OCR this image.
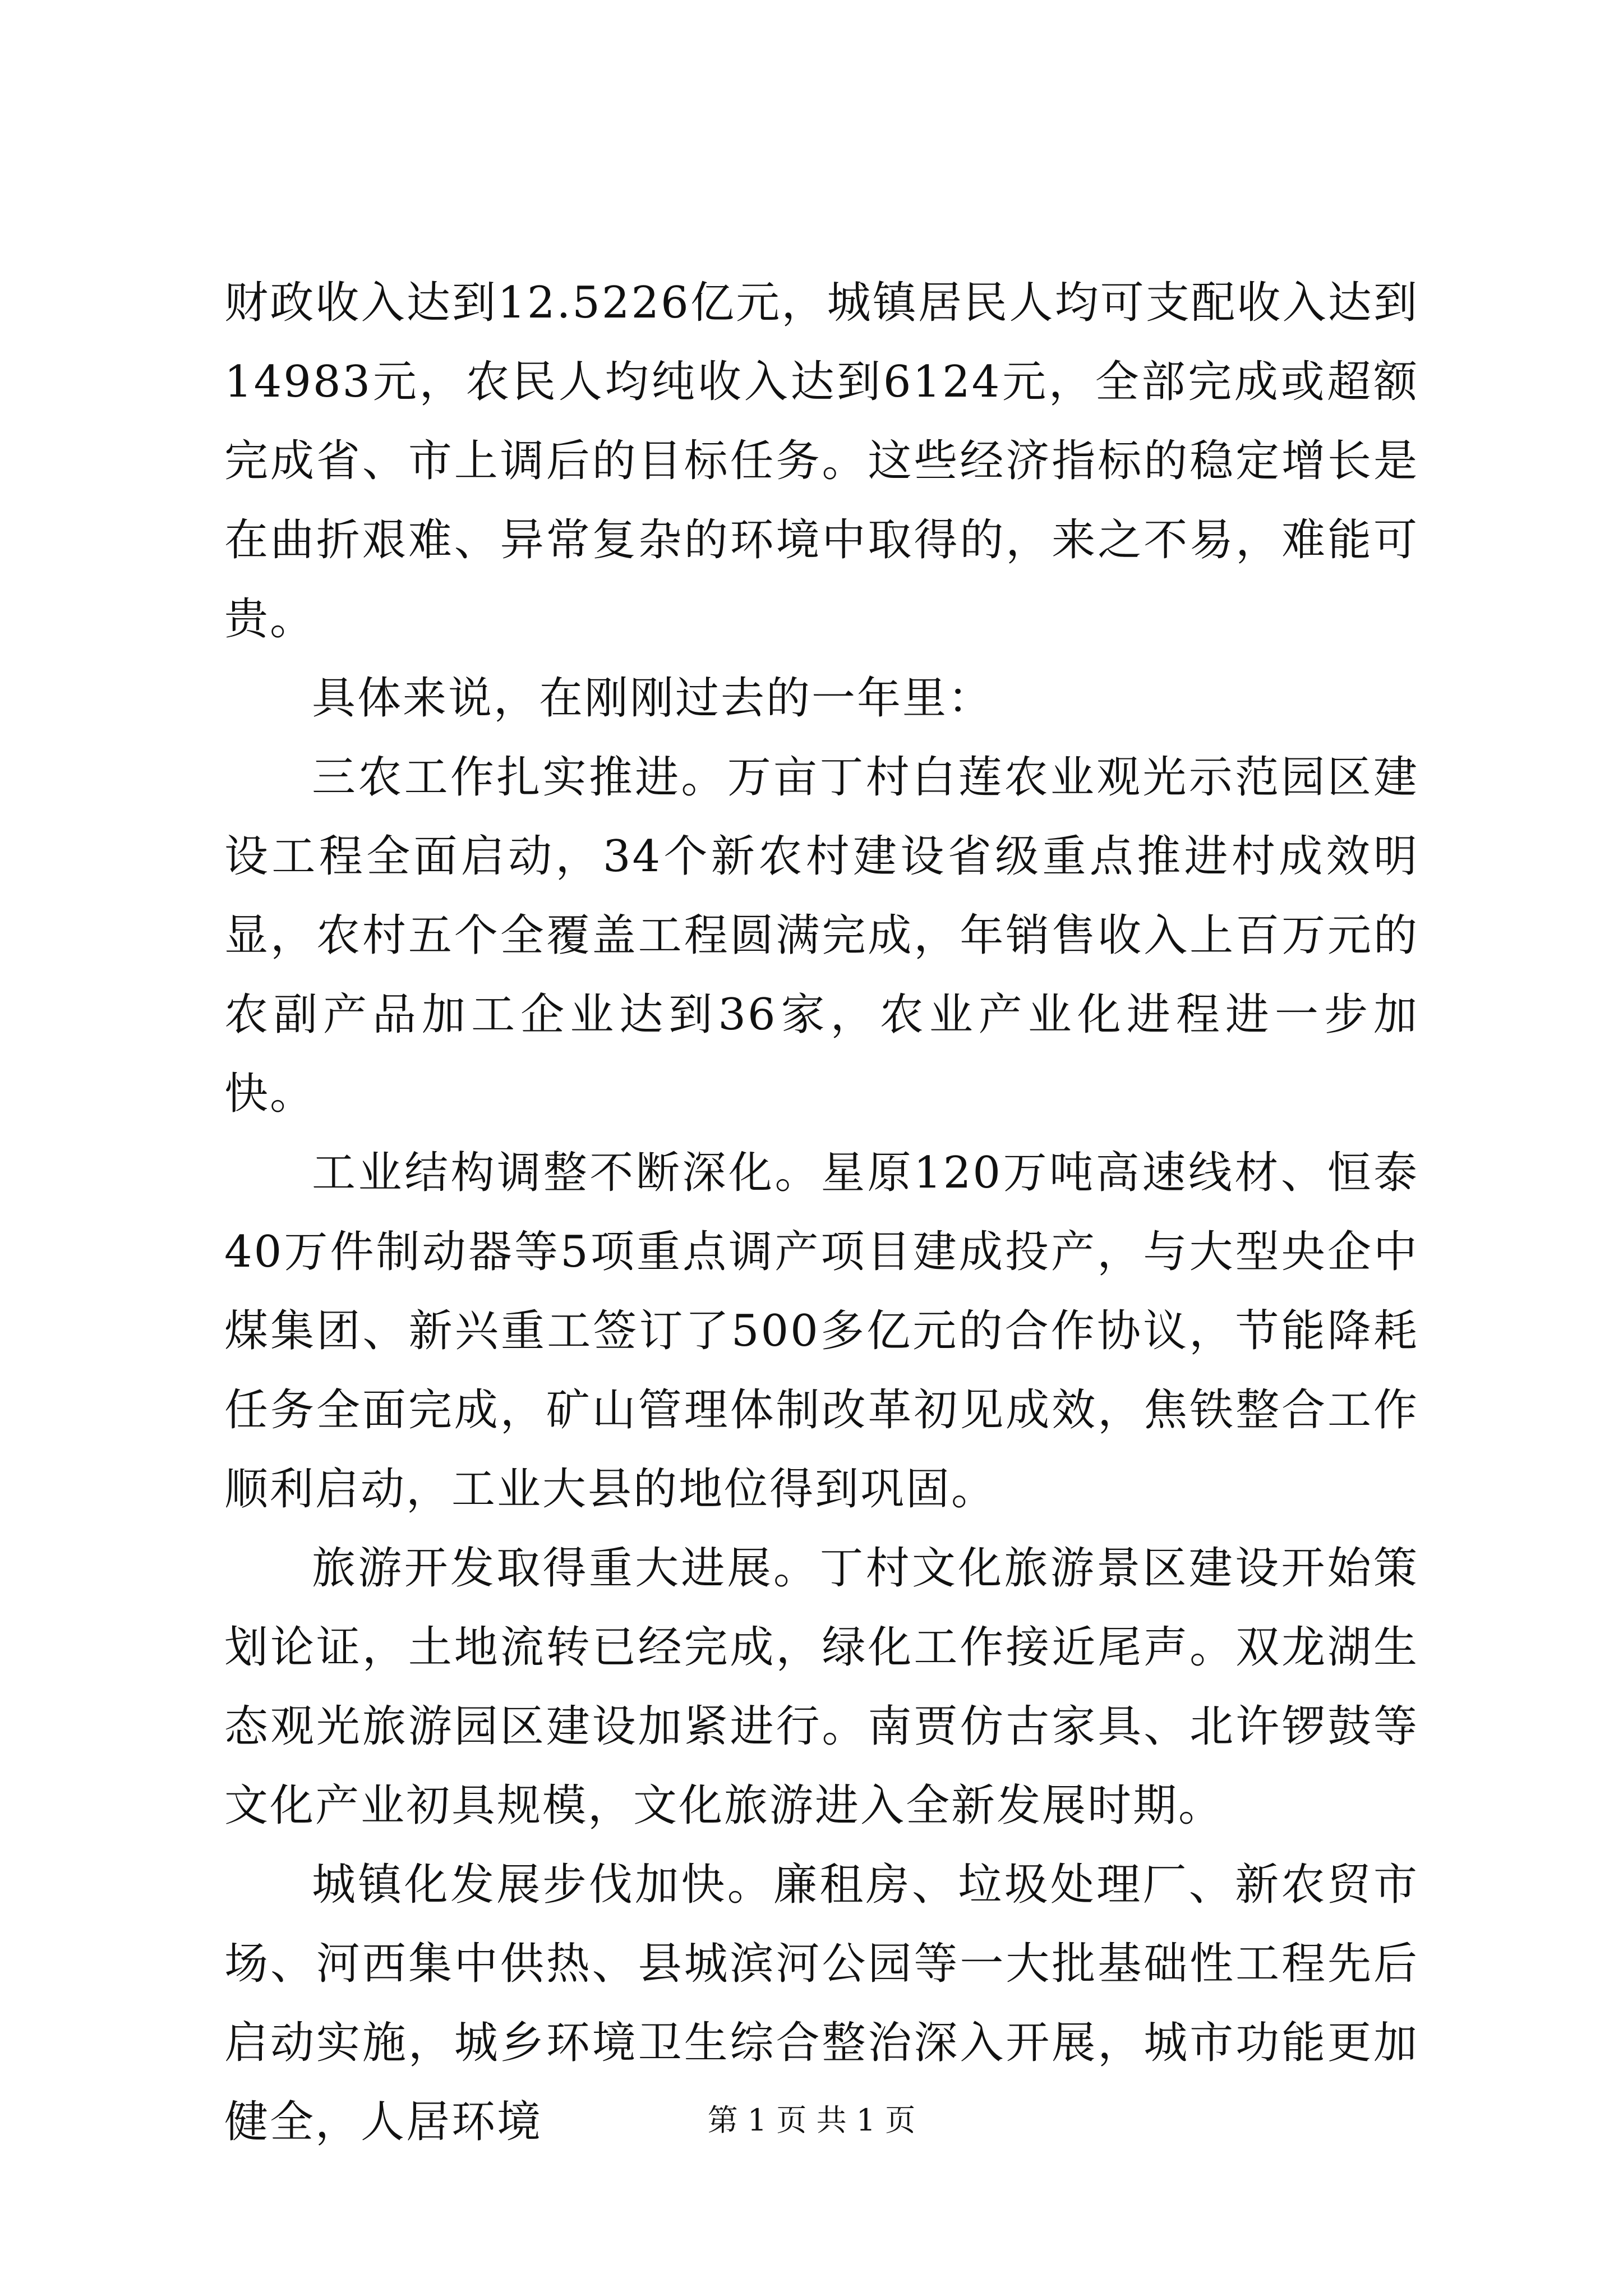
财政收入达到12.5226亿元，城镇居民人均可支配收入达到14983元，农民人均纯收入达到6124元，全部完成或超额完成省、市上调后的目标任务。这些经济指标的稳定增长是在曲折艰难、异常复杂的环境中取得的，来之不易，难能可贵。

具体来说，在刚刚过去的一年里：

三农工作扎实推进。万亩丁村白莲农业观光示范园区建设工程全面启动，34个新农村建设省级重点推进村成效明显，农村五个全覆盖工程圆满完成，年销售收入上百万元的农副产品加工企业达到36家，农业产业化进程进一步加快。

工业结构调整不断深化。星原120万吨高速线材、恒泰40万件制动器等5项重点调产项目建成投产，与大型央企中煤集团、新兴重工签订了500多亿元的合作协议，节能降耗任务全面完成，矿山管理体制改革初见成效，焦铁整合工作顺利启动，工业大县的地位得到巩固。

旅游开发取得重大进展。丁村文化旅游景区建设开始策划论证，土地流转已经完成，绿化工作接近尾声。双龙湖生态观光旅游园区建设加紧进行。南贾仿古家具、北许锣鼓等文化产业初具规模，文化旅游进入全新发展时期。

城镇化发展步伐加快。廉租房、垃圾处理厂、新农贸市场、河西集中供热、县城滨河公园等一大批基础性工程先后启动实施，城乡环境卫生综合整治深入开展，城市功能更加健全，人居环境	第 1 页 共 1 页
